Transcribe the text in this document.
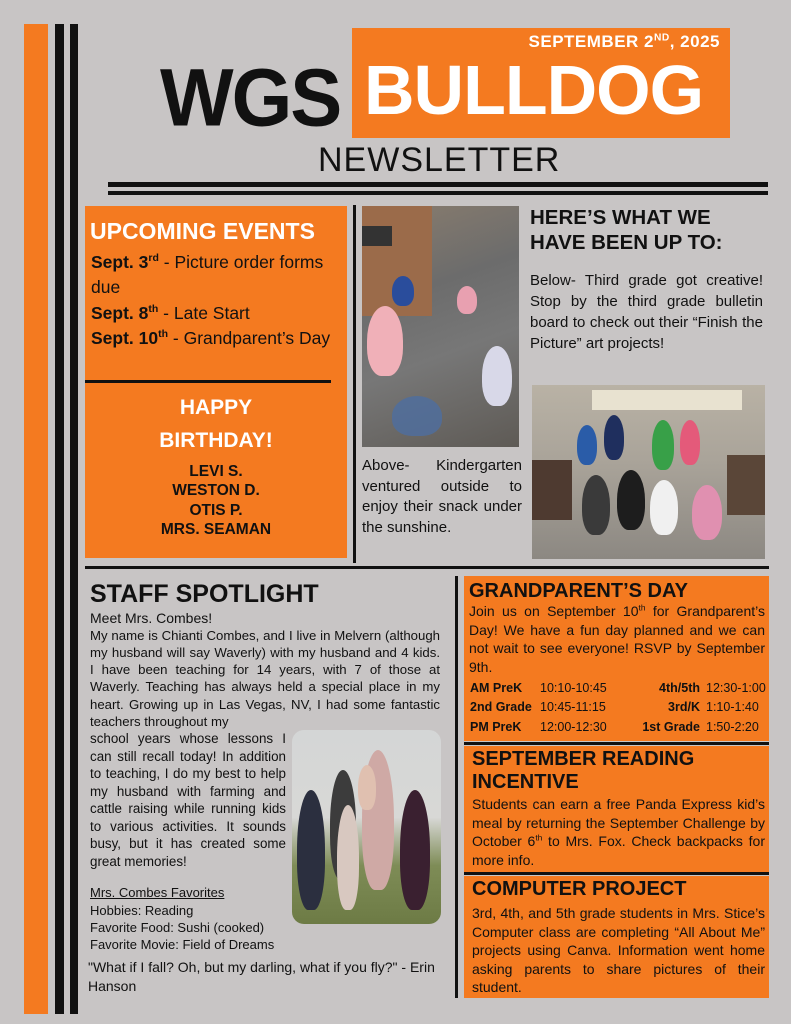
WGS
SEPTEMBER 2ND, 2025
BULLDOG
NEWSLETTER
UPCOMING EVENTS
Sept. 3rd - Picture order forms due
Sept. 8th - Late Start
Sept. 10th - Grandparent’s Day
HAPPY
BIRTHDAY!
LEVI S.
WESTON D.
OTIS P.
MRS. SEAMAN
Above- Kindergarten ventured outside to enjoy their snack under the sunshine.
HERE’S WHAT WE
HAVE BEEN UP TO:
Below- Third grade got creative! Stop by the third grade bulletin board to check out their “Finish the Picture” art projects!
STAFF SPOTLIGHT
Meet Mrs. Combes!
My name is Chianti Combes, and I live in Melvern (although my husband will say Waverly) with my husband and 4 kids. I have been teaching for 14 years, with 7 of those at Waverly. Teaching has always held a special place in my heart. Growing up in Las Vegas, NV, I had some fantastic teachers throughout my
school years whose lessons I can still recall today! In addition to teaching, I do my best to help my husband with farming and cattle raising while running kids to various activities. It sounds busy, but it has created some great memories!
Mrs. Combes Favorites
Hobbies: Reading
Favorite Food: Sushi (cooked)
Favorite Movie: Field of Dreams
"What if I fall? Oh, but my darling, what if you fly?" - Erin Hanson
GRANDPARENT’S DAY
Join us on September 10th for Grandparent’s Day! We have a fun day planned and we can not wait to see everyone! RSVP by September 9th.
AM PreK	10:10-10:45	4th/5th 12:30-1:00
2nd Grade 10:45-11:15	3rd/K 1:10-1:40
PM PreK	12:00-12:30	1st Grade 1:50-2:20
SEPTEMBER READING
INCENTIVE
Students can earn a free Panda Express kid’s meal by returning the September Challenge by October 6th to Mrs. Fox. Check backpacks for more info.
COMPUTER PROJECT
3rd, 4th, and 5th grade students in Mrs. Stice’s Computer class are completing “All About Me” projects using Canva. Information went home asking parents to share pictures of their student.
